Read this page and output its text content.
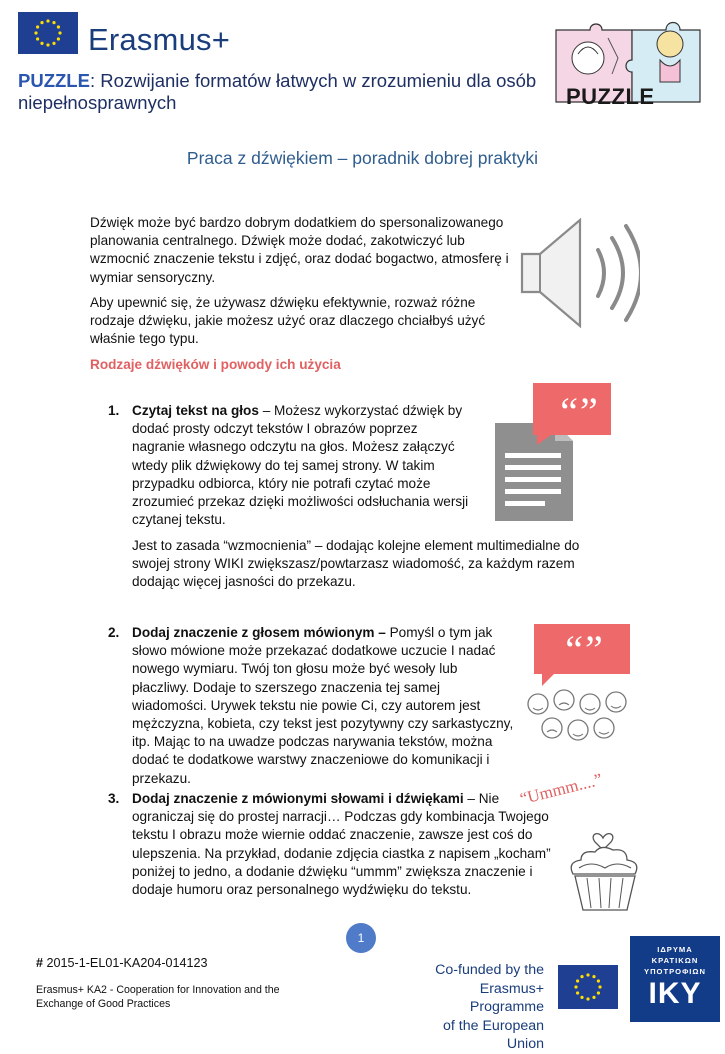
Erasmus+
PUZZLE: Rozwijanie formatów łatwych w zrozumieniu dla osób niepełnosprawnych	PUZZLE
Praca z dźwiękiem – poradnik dobrej praktyki
Dźwięk może być bardzo dobrym dodatkiem do spersonalizowanego planowania centralnego. Dźwięk może dodać, zakotwiczyć lub wzmocnić znaczenie tekstu i zdjęć, oraz dodać bogactwo, atmosferę i wymiar sensoryczny.
Aby upewnić się, że używasz dźwięku efektywnie, rozważ różne rodzaje dźwięku, jakie możesz użyć oraz dlaczego chciałbyś użyć właśnie tego typu.
Rodzaje dźwięków i powody ich użycia
1. Czytaj tekst na głos – Możesz wykorzystać dźwięk by dodać prosty odczyt tekstów I obrazów poprzez nagranie własnego odczytu na głos. Możesz załączyć wtedy plik dźwiękowy do tej samej strony. W takim przypadku odbiorca, który nie potrafi czytać może zrozumieć przekaz dzięki możliwości odsłuchania wersji czytanej tekstu.
Jest to zasada “wzmocnienia” – dodając kolejne element multimedialne do swojej strony WIKI zwiększasz/powtarzasz wiadomość, za każdym razem dodając więcej jasności do przekazu.
“”
2. Dodaj znaczenie z głosem mówionym – Pomyśl o tym jak słowo mówione może przekazać dodatkowe uczucie I nadać nowego wymiaru. Twój ton głosu może być wesoły lub płaczliwy. Dodaje to szerszego znaczenia tej samej wiadomości. Urywek tekstu nie powie Ci, czy autorem jest mężczyzna, kobieta, czy tekst jest pozytywny czy sarkastyczny, itp. Mając to na uwadze podczas narywania tekstów, można dodać te dodatkowe warstwy znaczeniowe do komunikacji i przekazu.
“”
3. Dodaj znaczenie z mówionymi słowami i dźwiękami – Nie ograniczaj się do prostej narracji… Podczas gdy kombinacja Twojego tekstu I obrazu może wiernie oddać znaczenie, zawsze jest coś do ulepszenia. Na przykład, dodanie zdjęcia ciastka z napisem „kocham” poniżej to jedno, a dodanie dźwięku “ummm” zwiększa znaczenie i dodaje humoru oraz personalnego wydźwięku do tekstu.
“Ummm....”
1
# 2015-1-EL01-KA204-014123
Erasmus+ KA2 - Cooperation for Innovation and the Exchange of Good Practices
Co-funded by the
Erasmus+ Programme
of the European Union
ΙΔΡΥΜΑ
ΚΡΑΤΙΚΩΝ
ΥΠΟΤΡΟΦΙΩΝ
IKY
